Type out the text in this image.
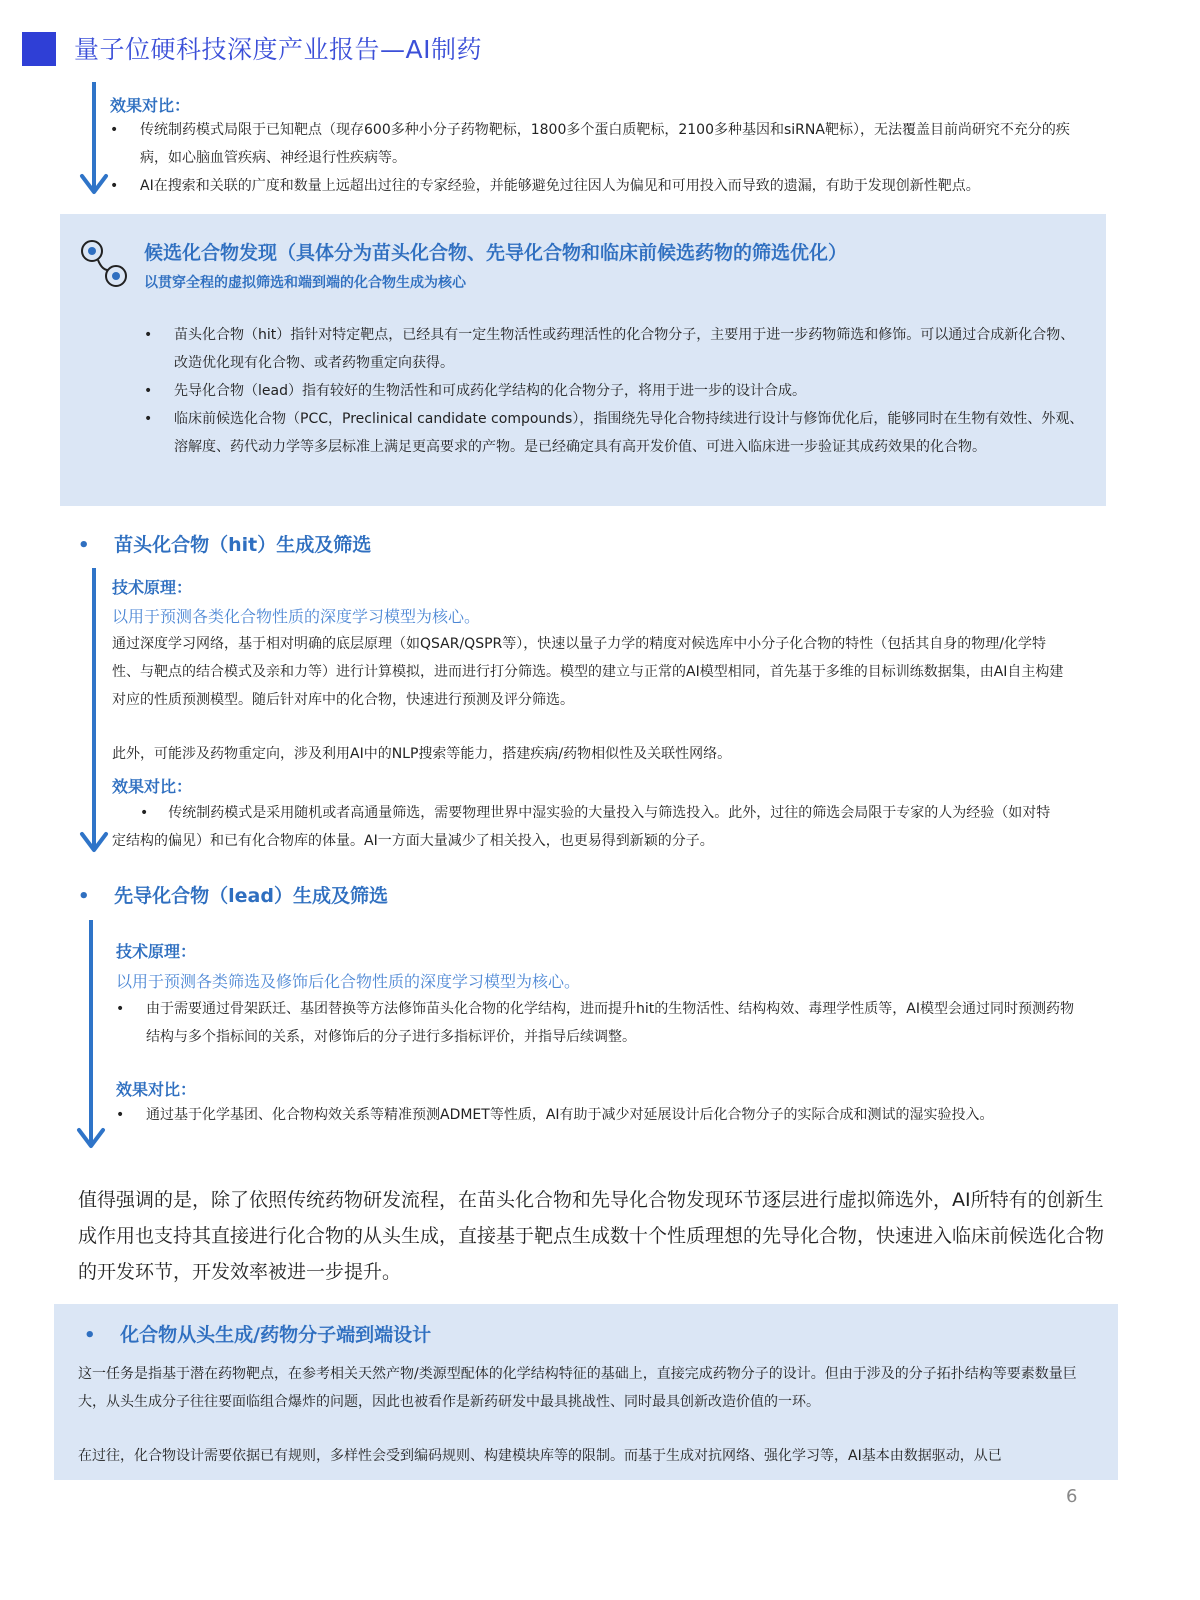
量子位硬科技深度产业报告—AI制药
效果对比：
•	传统制药模式局限于已知靶点（现存600多种小分子药物靶标，1800多个蛋白质靶标，2100多种基因和siRNA靶标），无法覆盖目前尚研究不充分的疾病，如心脑血管疾病、神经退行性疾病等。
•	AI在搜索和关联的广度和数量上远超出过往的专家经验，并能够避免过往因人为偏见和可用投入而导致的遗漏，有助于发现创新性靶点。
候选化合物发现（具体分为苗头化合物、先导化合物和临床前候选药物的筛选优化）
以贯穿全程的虚拟筛选和端到端的化合物生成为核心
•	苗头化合物（hit）指针对特定靶点，已经具有一定生物活性或药理活性的化合物分子，主要用于进一步药物筛选和修饰。可以通过合成新化合物、改造优化现有化合物、或者药物重定向获得。
•	先导化合物（lead）指有较好的生物活性和可成药化学结构的化合物分子，将用于进一步的设计合成。
•	临床前候选化合物（PCC，Preclinical candidate compounds），指围绕先导化合物持续进行设计与修饰优化后，能够同时在生物有效性、外观、溶解度、药代动力学等多层标准上满足更高要求的产物。是已经确定具有高开发价值、可进入临床进一步验证其成药效果的化合物。
• 苗头化合物（hit）生成及筛选
技术原理：
以用于预测各类化合物性质的深度学习模型为核心。
通过深度学习网络，基于相对明确的底层原理（如QSAR/QSPR等），快速以量子力学的精度对候选库中小分子化合物的特性（包括其自身的物理/化学特性、与靶点的结合模式及亲和力等）进行计算模拟，进而进行打分筛选。模型的建立与正常的AI模型相同，首先基于多维的目标训练数据集，由AI自主构建对应的性质预测模型。随后针对库中的化合物，快速进行预测及评分筛选。
此外，可能涉及药物重定向，涉及利用AI中的NLP搜索等能力，搭建疾病/药物相似性及关联性网络。
效果对比：
• 传统制药模式是采用随机或者高通量筛选，需要物理世界中湿实验的大量投入与筛选投入。此外，过往的筛选会局限于专家的人为经验（如对特定结构的偏见）和已有化合物库的体量。AI一方面大量减少了相关投入，也更易得到新颖的分子。
• 先导化合物（lead）生成及筛选
技术原理：
以用于预测各类筛选及修饰后化合物性质的深度学习模型为核心。
•	由于需要通过骨架跃迁、基团替换等方法修饰苗头化合物的化学结构，进而提升hit的生物活性、结构构效、毒理学性质等，AI模型会通过同时预测药物结构与多个指标间的关系，对修饰后的分子进行多指标评价，并指导后续调整。
效果对比：
•	通过基于化学基团、化合物构效关系等精准预测ADMET等性质，AI有助于减少对延展设计后化合物分子的实际合成和测试的湿实验投入。
值得强调的是，除了依照传统药物研发流程，在苗头化合物和先导化合物发现环节逐层进行虚拟筛选外，AI所特有的创新生成作用也支持其直接进行化合物的从头生成，直接基于靶点生成数十个性质理想的先导化合物，快速进入临床前候选化合物的开发环节，开发效率被进一步提升。
• 化合物从头生成/药物分子端到端设计
这一任务是指基于潜在药物靶点，在参考相关天然产物/类源型配体的化学结构特征的基础上，直接完成药物分子的设计。但由于涉及的分子拓扑结构等要素数量巨大，从头生成分子往往要面临组合爆炸的问题，因此也被看作是新药研发中最具挑战性、同时最具创新改造价值的一环。
在过往，化合物设计需要依据已有规则，多样性会受到编码规则、构建模块库等的限制。而基于生成对抗网络、强化学习等，AI基本由数据驱动，从已
6
